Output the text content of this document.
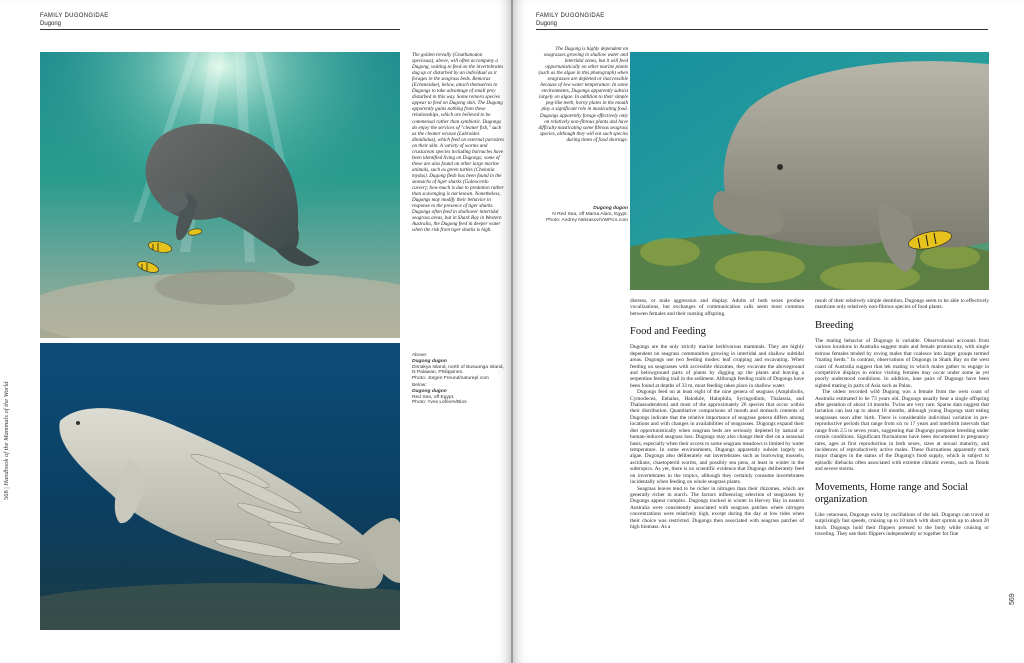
FAMILY DUGONGIDAE
Dugong
The golden trevally (Gnathanodon speciosus), above, will often accompany a Dugong, waiting to feed on the invertebrates dug up or disturbed by an individual as it forages in the seagrass beds. Remoras (Echeneidae), below, attach themselves to Dugongs to take advantage of small prey disturbed in this way. Some remora species appear to feed on Dugong skin. The Dugong apparently gains nothing from these relationships, which are believed to be commensal rather than symbiotic. Dugongs do enjoy the services of "cleaner fish," such as the cleaner wrasse (Labroides dimidiatus), which feed on external parasites on their skin. A variety of worms and crustacean species including barnacles have been identified living on Dugongs; some of these are also found on other large marine animals, such as green turtles (Chelonia mydas). Dugong flesh has been found in the stomachs of tiger sharks (Galeocerdo cuvier); how much is due to predation rather than scavenging is not known. Nonetheless, Dugongs may modify their behavior in response to the presence of tiger sharks. Dugongs often feed in shallower intertidal seagrass areas, but in Shark Bay in Western Australia, the Dugong feed in deeper water when the risk from tiger sharks is high.
Above:
Dugong dugon
Dimakya Island, north of Busuanga Island, N Palawan, Philippines.
Photo: Jürgen Freund/naturepl.com
Below:
Dugong dugon
Red Sea, off Egypt.
Photo: Yves Lefèvre/Bios
568 | Handbook of the Mammals of the World
FAMILY DUGONGIDAE
Dugong
The Dugong is highly dependent on seagrasses growing in shallow water and intertidal zones, but it will feed opportunistically on other marine plants (such as the algae in this photograph) when seagrasses are depleted or inaccessible because of low water temperature. In some environments, Dugongs apparently subsist largely on algae. In addition to their simple peg-like teeth, horny plates in the mouth play a significant role in masticating food. Dugongs apparently forage effectively only on relatively non-fibrous plants and have difficulty masticating some fibrous seagrass species, although they will eat such species during times of food shortage.
Dugong dugon
N Red Sea, off Marsa Alam, Egypt.
Photo: Andrey Nekrasov/VWPics.com

distress, or male aggression and display. Adults of both sexes produce vocalizations, but exchanges of communication calls seem most common between females and their nursing offspring.

Food and Feeding

Dugongs are the only strictly marine herbivorous mammals. They are highly dependent on seagrass communities growing in intertidal and shallow subtidal areas. Dugongs use two feeding modes: leaf cropping and excavating. When feeding on seagrasses with accessible rhizomes, they excavate the aboveground and belowground parts of plants by digging up the plants and leaving a serpentine feeding trail in the sediment. Although feeding trails of Dugongs have been found at depths of 33 m, most feeding takes place in shallow water.

Dugongs feed on at least eight of the nine genera of seagrass (Amphibolis, Cymodocea, Enhalus, Halodule, Halophila, Syringodium, Thalassia, and Thalassodendron) and most of the approximately 26 species that occur within their distribution. Quantitative comparisons of mouth and stomach contents of Dugongs indicate that the relative importance of seagrass genera differs among locations and with changes in availabilities of seagrasses. Dugongs expand their diet opportunistically when seagrass beds are seriously depleted by natural or human-induced seagrass loss. Dugongs may also change their diet on a seasonal basis, especially when their access to some seagrass meadows is limited by water temperature. In some environments, Dugongs apparently subsist largely on algae. Dugongs also deliberately eat invertebrates such as burrowing mussels, ascidians, chaetopterid worms, and possibly sea pens, at least in winter in the subtropics. As yet, there is no scientific evidence that Dugongs deliberately feed on invertebrates in the tropics, although they certainly consume invertebrates incidentally when feeding on whole seagrass plants.

Seagrass leaves tend to be richer in nitrogen than their rhizomes, which are generally richer in starch. The factors influencing selection of seagrasses by Dugongs appear complex. Dugongs tracked in winter in Hervey Bay in eastern Australia were consistently associated with seagrass patches where nitrogen concentrations were relatively high, except during the day at low tides when their choice was restricted. Dugongs then associated with seagrass patches of high biomass. As a

result of their relatively simple dentition, Dugongs seem to be able to effectively masticate only relatively non-fibrous species of food plants.

Breeding

The mating behavior of Dugongs is variable. Observational accounts from various locations in Australia suggest male and female promiscuity, with single estrous females tended by roving males that coalesce into larger groups termed "mating herds." In contrast, observations of Dugongs in Shark Bay on the west coast of Australia suggest that lek mating in which males gather to engage in competitive displays to entice visiting females may occur under some as yet poorly understood conditions. In addition, lone pairs of Dugongs have been sighted mating in parts of Asia such as Palau.

The oldest recorded wild Dugong was a female from the west coast of Australia estimated to be 73 years old. Dugongs usually bear a single offspring after gestation of about 14 months. Twins are very rare. Sparse data suggest that lactation can last up to about 18 months, although young Dugongs start eating seagrasses soon after birth. There is considerable individual variation in pre-reproductive periods that range from six to 17 years and interbirth intervals that range from 2.5 to seven years, suggesting that Dugongs postpone breeding under certain conditions. Significant fluctuations have been documented in pregnancy rates, ages at first reproduction in both sexes, sizes at sexual maturity, and incidences of reproductively active males. These fluctuations apparently track major changes in the status of the Dugong's food supply, which is subject to episodic diebacks often associated with extreme climatic events, such as floods and severe storms.

Movements, Home range and Social organization

Like cetaceans, Dugongs swim by oscillations of the tail. Dugongs can travel at surprisingly fast speeds, cruising up to 10 km/h with short sprints up to about 20 km/h. Dugongs hold their flippers pressed to the body while cruising or traveling. They use their flippers independently or together for fine

569
